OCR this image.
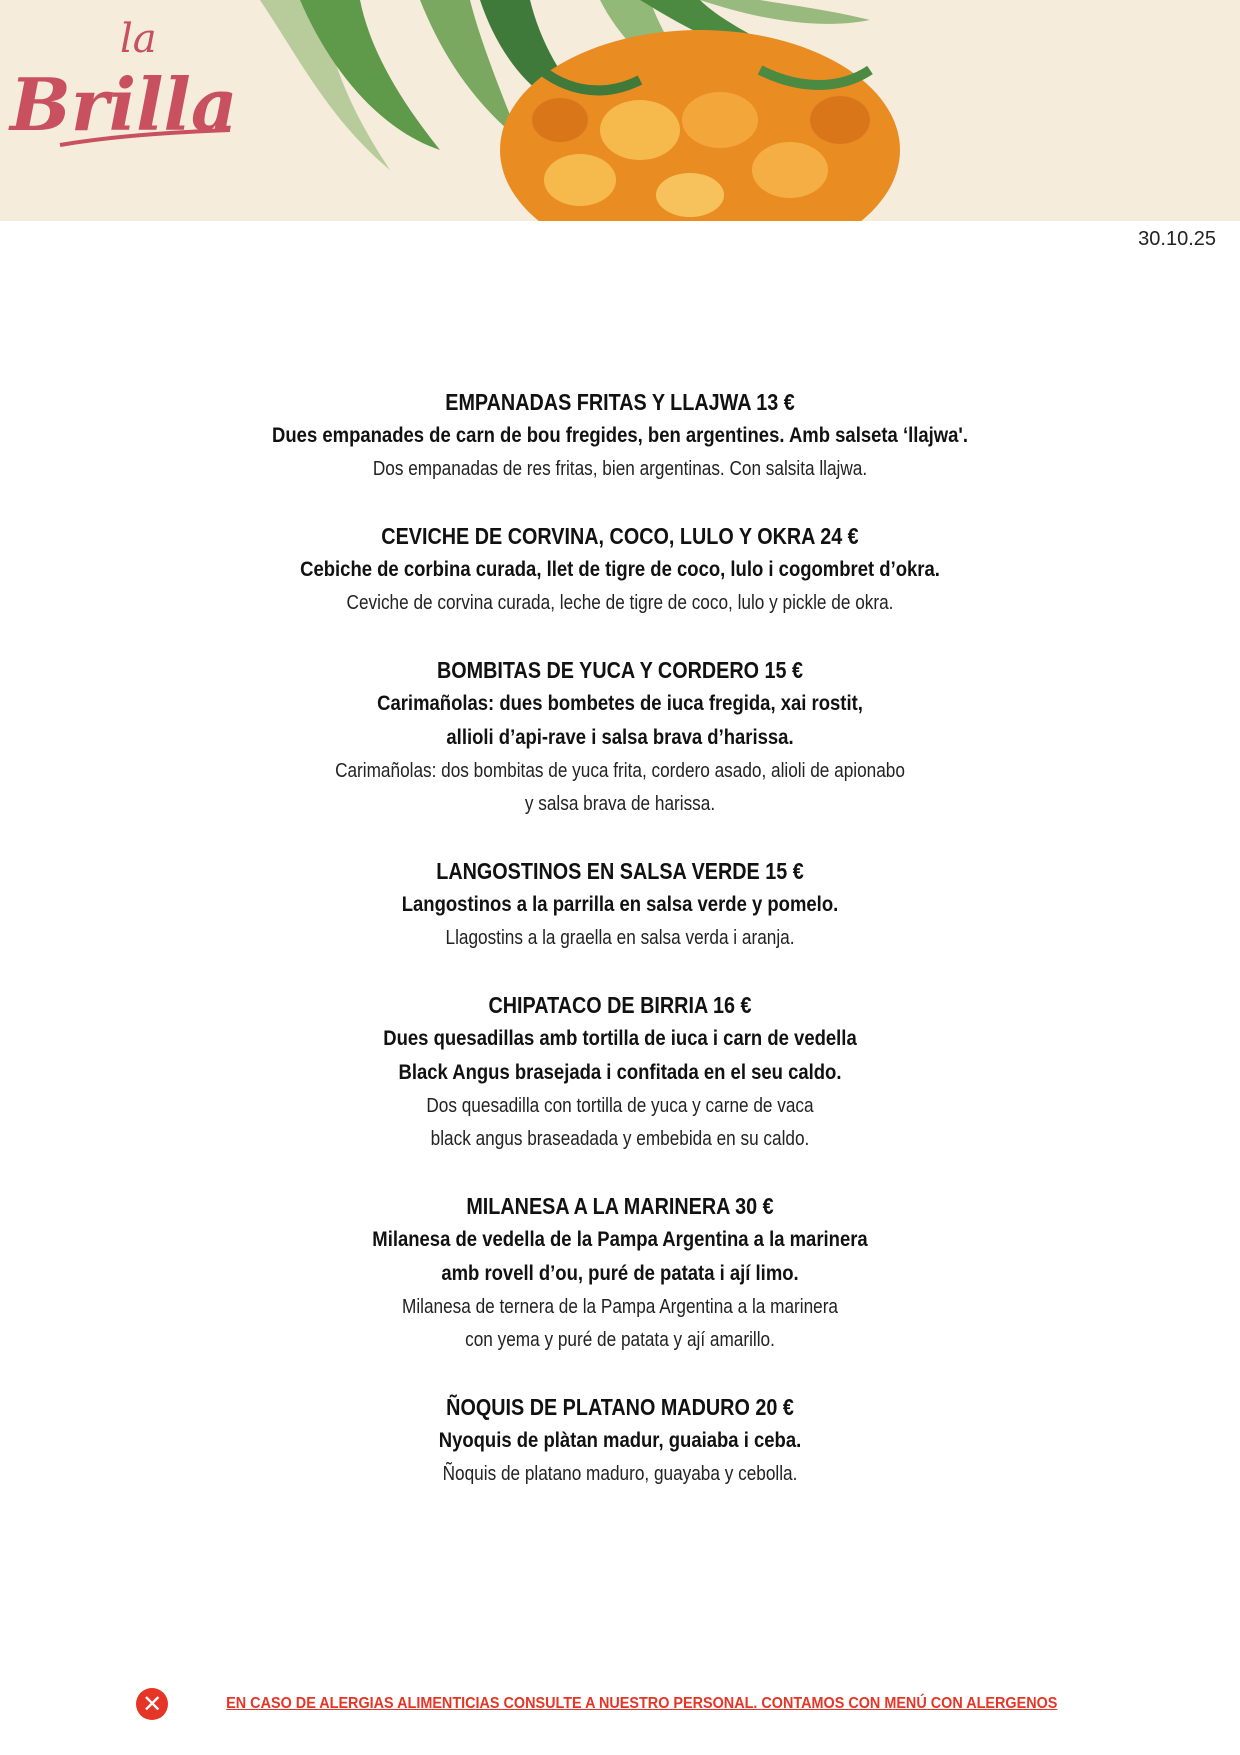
la
Brilla
30.10.25
EMPANADAS FRITAS Y LLAJWA 13 €
Dues empanades de carn de bou fregides, ben argentines. Amb salseta ‘llajwa'.
Dos empanadas de res fritas, bien argentinas. Con salsita llajwa.
CEVICHE DE CORVINA, COCO, LULO Y OKRA 24 €
Cebiche de corbina curada, llet de tigre de coco, lulo i cogombret d’okra.
Ceviche de corvina curada, leche de tigre de coco, lulo y pickle de okra.
BOMBITAS DE YUCA Y CORDERO 15 €
Carimañolas: dues bombetes de iuca fregida, xai rostit,
allioli d’api-rave i salsa brava d’harissa.
Carimañolas: dos bombitas de yuca frita, cordero asado, alioli de apionabo
y salsa brava de harissa.
LANGOSTINOS EN SALSA VERDE 15 €
Langostinos a la parrilla en salsa verde y pomelo.
Llagostins a la graella en salsa verda i aranja.
CHIPATACO DE BIRRIA 16 €
Dues quesadillas amb tortilla de iuca i carn de vedella
Black Angus brasejada i confitada en el seu caldo.
Dos quesadilla con tortilla de yuca y carne de vaca
black angus braseadada y embebida en su caldo.
MILANESA A LA MARINERA 30 €
Milanesa de vedella de la Pampa Argentina a la marinera
amb rovell d’ou, puré de patata i ají limo.
Milanesa de ternera de la Pampa Argentina a la marinera
con yema y puré de patata y ají amarillo.
ÑOQUIS DE PLATANO MADURO 20 €
Nyoquis de plàtan madur, guaiaba i ceba.
Ñoquis de platano maduro, guayaba y cebolla.
✕	EN CASO DE ALERGIAS ALIMENTICIAS CONSULTE A NUESTRO PERSONAL. CONTAMOS CON MENÚ CON ALERGENOS
